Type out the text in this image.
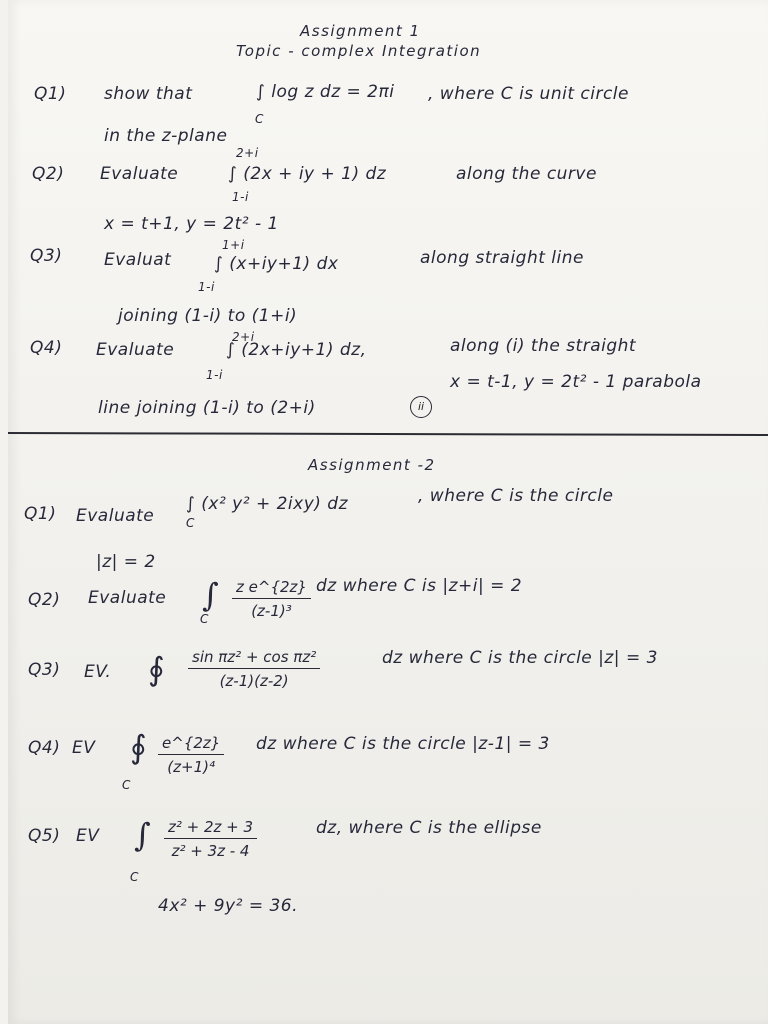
Assignment 1
Topic - complex Integration
Q1) show that	∫ log z dz = 2πi
C
, where C is unit circle
in the z-plane
Q2) Evaluate
2+i
∫ (2x + iy + 1) dz
1-i
along the curve
x = t+1, y = 2t² - 1
Q3) Evaluat
1+i
∫ (x+iy+1) dx
1-i
along straight line
joining (1-i) to (1+i)
Q4) Evaluate
2+i
∫ (2x+iy+1) dz,
1-i
along (i) the straight
line joining (1-i) to (2+i)	ii
x = t-1, y = 2t² - 1 parabola
Assignment -2
Q1) Evaluate
∫ (x² y² + 2ixy) dz
C
, where C is the circle
|z| = 2
Q2) Evaluate ∫
C $\frac{\text{z e\textasciicircum{}\{2z\}}}{\text{(z-1)³}}$ dz where C is |z+i| = 2
Q3) EV. ∮ $\frac{\text{sin πz² + cos πz²}}{(z-1)(z-2)}$	dz where C is the circle |z| = 3
Q4) EV ∮
C
$\frac{e\^{}\{2z\}}{\text{(z+1)⁴}}$ dz where C is the circle |z-1| = 3
Q5) EV ∫
C
$\frac{\text{z² + 2z + 3}}{\text{z² + 3z - 4}}$	dz, where C is the ellipse
4x² + 9y² = 36.
